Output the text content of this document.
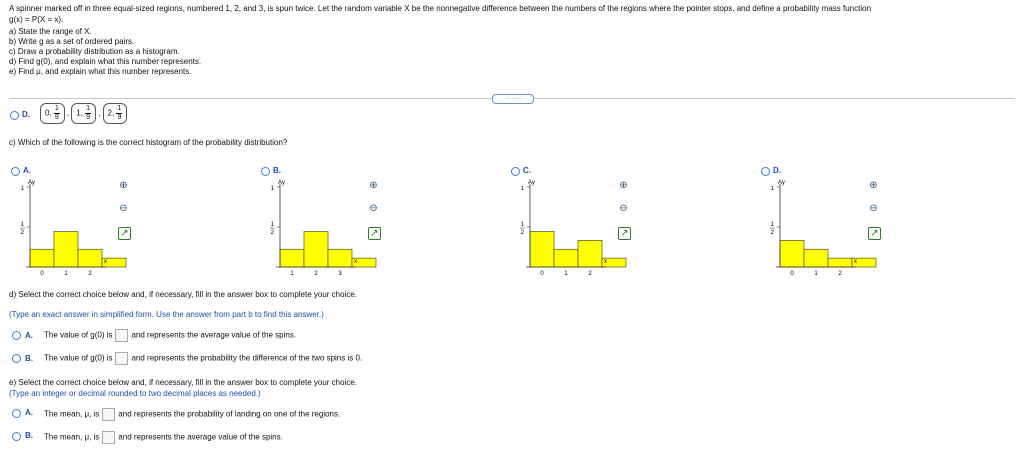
A spinner marked off in three equal-sized regions, numbered 1, 2, and 3, is spun twice. Let the random variable X be the nonnegative difference between the numbers of the regions where the pointer stops, and define a probability mass function
g(x) = P(X = x).
a) State the range of X.
b) Write g as a set of ordered pairs.
c) Draw a probability distribution as a histogram.
d) Find g(0), and explain what this number represents.
e) Find μ, and explain what this number represents.
·······
D.	0, $\frac{1}{9}$ , 1, $\frac{1}{9}$ , 2, $\frac{1}{9}$
c) Which of the following is the correct histogram of the probability distribution?
A.
1
1
2
Ay
x
0	1	2
⊕
⊖
↗
B.
1
1
2
Ay
x
1	2	3
⊕
⊖
↗
C.
1
1
2
Ay
x
0	1	2
⊕
⊖
↗
D.
1
1
2
Ay
x
0	1	2
⊕
⊖
↗
d) Select the correct choice below and, if necessary, fill in the answer box to complete your choice.
(Type an exact answer in simplified form. Use the answer from part b to find this answer.)
A. The value of g(0) is and represents the average value of the spins.
B. The value of g(0) is and represents the probability the difference of the two spins is 0.
e) Select the correct choice below and, if necessary, fill in the answer box to complete your choice.
(Type an integer or decimal rounded to two decimal places as needed.)
A. The mean, μ, is and represents the probability of landing on one of the regions.
B. The mean, μ, is and represents the average value of the spins.
